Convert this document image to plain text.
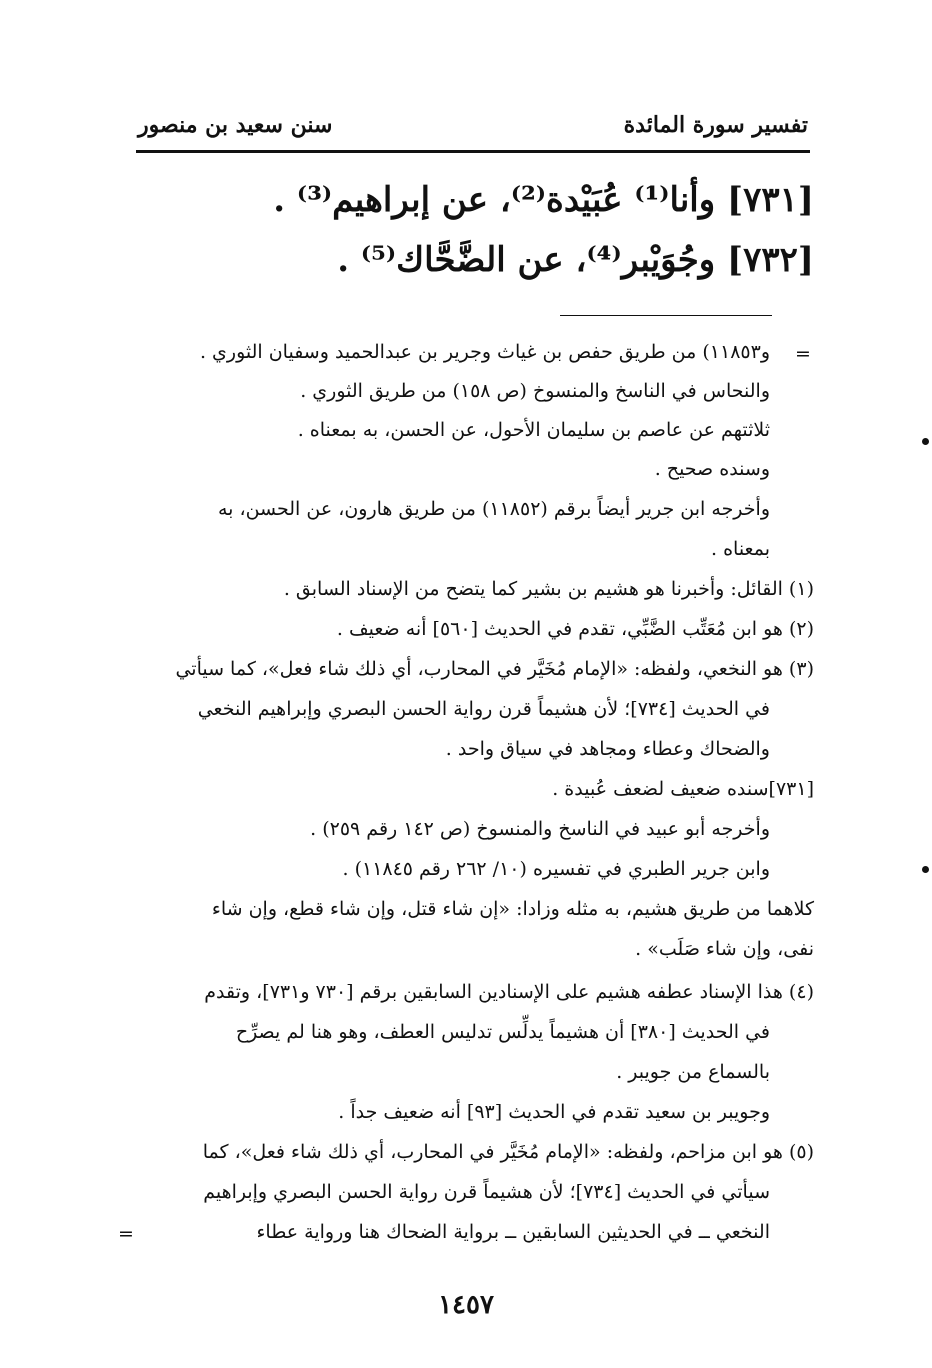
تفسير سورة المائدة
سنن سعيد بن منصور
[٧٣١] وأنا⁽¹⁾ عُبَيْدة⁽²⁾، عن إبراهيم⁽³⁾ .
[٧٣٢] وجُوَيْبر⁽⁴⁾، عن الضَّحَّاك⁽⁵⁾ .
=
و١١٨٥٣) من طريق حفص بن غياث وجرير بن عبدالحميد وسفيان الثوري .
والنحاس في الناسخ والمنسوخ (ص ١٥٨) من طريق الثوري .
ثلاثتهم عن عاصم بن سليمان الأحول، عن الحسن، به بمعناه .
وسنده صحيح .
وأخرجه ابن جرير أيضاً برقم (١١٨٥٢) من طريق هارون، عن الحسن، به
بمعناه .
(١) القائل: وأخبرنا هو هشيم بن بشير كما يتضح من الإسناد السابق .
(٢) هو ابن مُعَتِّب الضَّبِّي، تقدم في الحديث [٥٦٠] أنه ضعيف .
(٣) هو النخعي، ولفظه: «الإمام مُخَيَّر في المحارب، أي ذلك شاء فعل»، كما سيأتي
في الحديث [٧٣٤]؛ لأن هشيماً قرن رواية الحسن البصري وإبراهيم النخعي
والضحاك وعطاء ومجاهد في سياق واحد .
[٧٣١]سنده ضعيف لضعف عُبيدة .
وأخرجه أبو عبيد في الناسخ والمنسوخ (ص ١٤٢ رقم ٢٥٩) .
وابن جرير الطبري في تفسيره (١٠/ ٢٦٢ رقم ١١٨٤٥) .
كلاهما من طريق هشيم، به مثله وزادا: «إن شاء قتل، وإن شاء قطع، وإن شاء
نفى، وإن شاء صَلَب» .
(٤) هذا الإسناد عطفه هشيم على الإسنادين السابقين برقم [٧٣٠ و٧٣١]، وتقدم
في الحديث [٣٨٠] أن هشيماً يدلِّس تدليس العطف، وهو هنا لم يصرِّح
بالسماع من جويبر .
وجويبر بن سعيد تقدم في الحديث [٩٣] أنه ضعيف جداً .
(٥) هو ابن مزاحم، ولفظه: «الإمام مُخَيَّر في المحارب، أي ذلك شاء فعل»، كما
سيأتي في الحديث [٧٣٤]؛ لأن هشيماً قرن رواية الحسن البصري وإبراهيم
النخعي ــ في الحديثين السابقين ــ برواية الضحاك هنا ورواية عطاء
=
١٤٥٧
